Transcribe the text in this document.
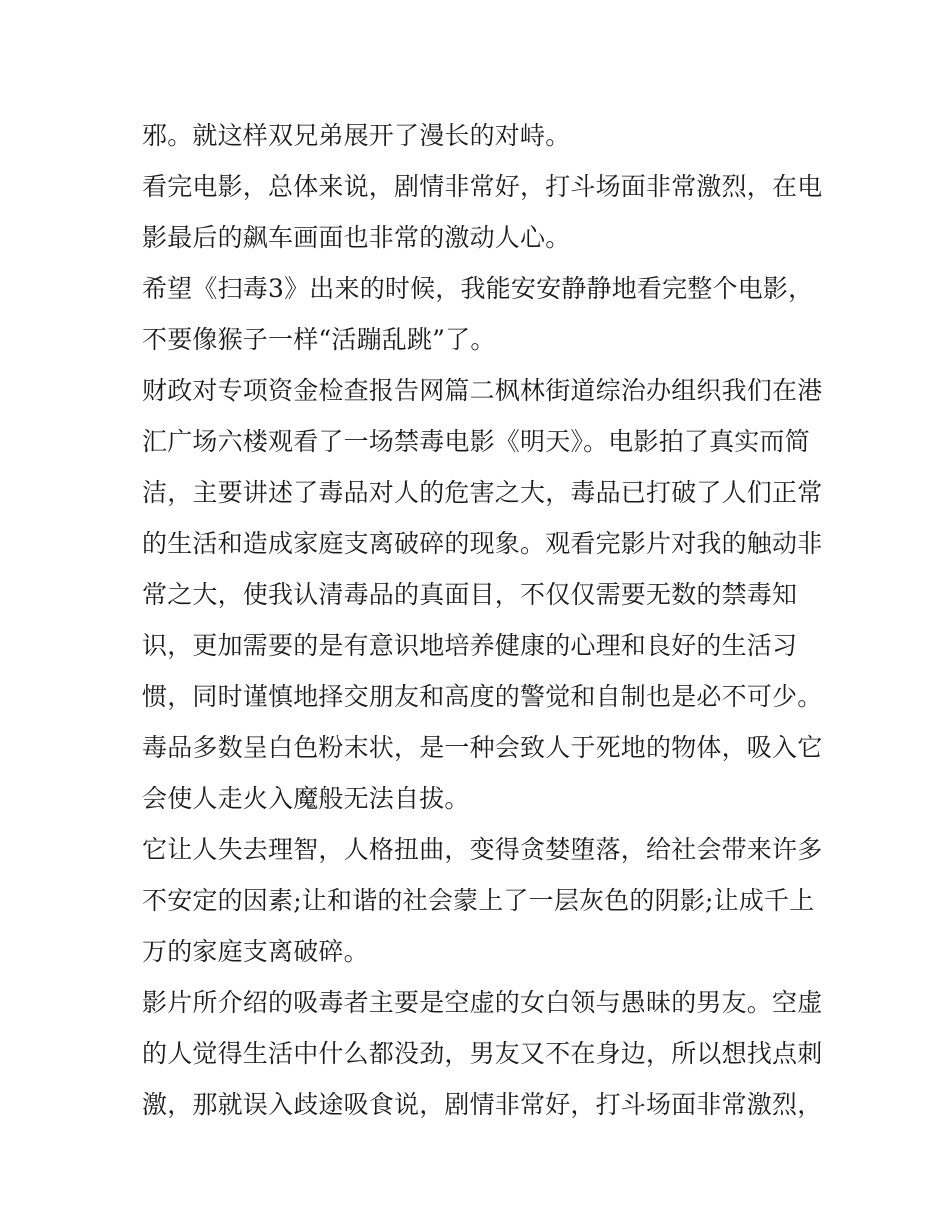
邪。就这样双兄弟展开了漫长的对峙。
看完电影，总体来说，剧情非常好，打斗场面非常激烈，在电
影最后的飙车画面也非常的激动人心。
希望《扫毒3》出来的时候，我能安安静静地看完整个电影，
不要像猴子一样“活蹦乱跳”了。
财政对专项资金检查报告网篇二枫林街道综治办组织我们在港
汇广场六楼观看了一场禁毒电影《明天》。电影拍了真实而简
洁，主要讲述了毒品对人的危害之大，毒品已打破了人们正常
的生活和造成家庭支离破碎的现象。观看完影片对我的触动非
常之大，使我认清毒品的真面目，不仅仅需要无数的禁毒知
识，更加需要的是有意识地培养健康的心理和良好的生活习
惯，同时谨慎地择交朋友和高度的警觉和自制也是必不可少。
毒品多数呈白色粉末状，是一种会致人于死地的物体，吸入它
会使人走火入魔般无法自拔。
它让人失去理智，人格扭曲，变得贪婪堕落，给社会带来许多
不安定的因素;让和谐的社会蒙上了一层灰色的阴影;让成千上
万的家庭支离破碎。
影片所介绍的吸毒者主要是空虚的女白领与愚昧的男友。空虚
的人觉得生活中什么都没劲，男友又不在身边，所以想找点刺
激，那就误入歧途吸食说，剧情非常好，打斗场面非常激烈，
